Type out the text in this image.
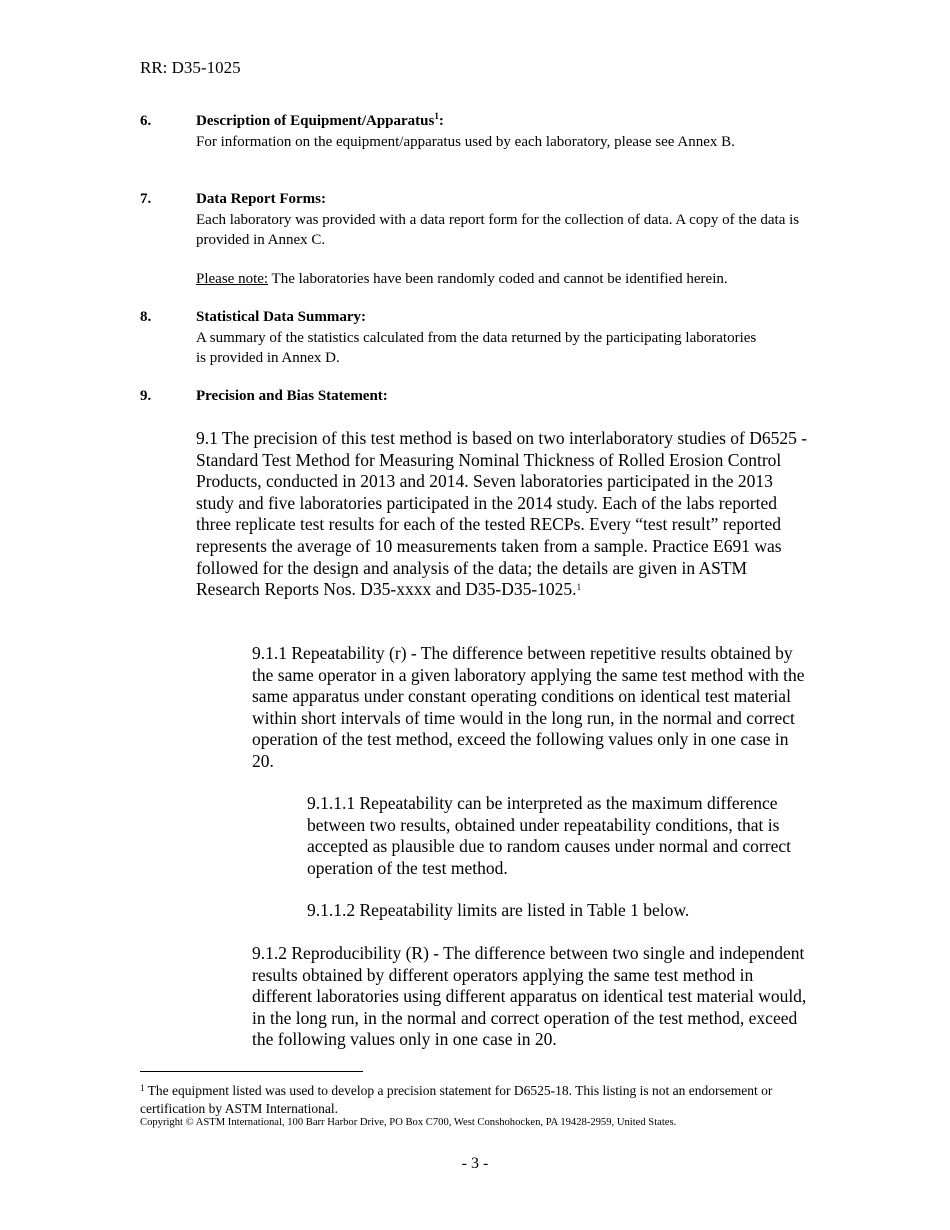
RR: D35-1025
6.	Description of Equipment/Apparatus$^1$:
For information on the equipment/apparatus used by each laboratory, please see Annex B.
7.	Data Report Forms:
Each laboratory was provided with a data report form for the collection of data. A copy of the data is provided in Annex C.
Please note: The laboratories have been randomly coded and cannot be identified herein.
8.	Statistical Data Summary:
A summary of the statistics calculated from the data returned by the participating laboratories is provided in Annex D.
9.	Precision and Bias Statement:
9.1 The precision of this test method is based on two interlaboratory studies of D6525 - Standard Test Method for Measuring Nominal Thickness of Rolled Erosion Control Products, conducted in 2013 and 2014. Seven laboratories participated in the 2013 study and five laboratories participated in the 2014 study. Each of the labs reported three replicate test results for each of the tested RECPs. Every “test result” reported represents the average of 10 measurements taken from a sample. Practice E691 was followed for the design and analysis of the data; the details are given in ASTM Research Reports Nos. D35-xxxx and D35-D35-1025.$^1$
9.1.1 Repeatability (r) - The difference between repetitive results obtained by the same operator in a given laboratory applying the same test method with the same apparatus under constant operating conditions on identical test material within short intervals of time would in the long run, in the normal and correct operation of the test method, exceed the following values only in one case in 20.
9.1.1.1 Repeatability can be interpreted as the maximum difference between two results, obtained under repeatability conditions, that is accepted as plausible due to random causes under normal and correct operation of the test method.
9.1.1.2 Repeatability limits are listed in Table 1 below.
9.1.2 Reproducibility (R) - The difference between two single and independent results obtained by different operators applying the same test method in different laboratories using different apparatus on identical test material would, in the long run, in the normal and correct operation of the test method, exceed the following values only in one case in 20.
$^1$ The equipment listed was used to develop a precision statement for D6525-18. This listing is not an endorsement or certification by ASTM International.
Copyright © ASTM International, 100 Barr Harbor Drive, PO Box C700, West Conshohocken, PA 19428-2959, United States.
- 3 -
